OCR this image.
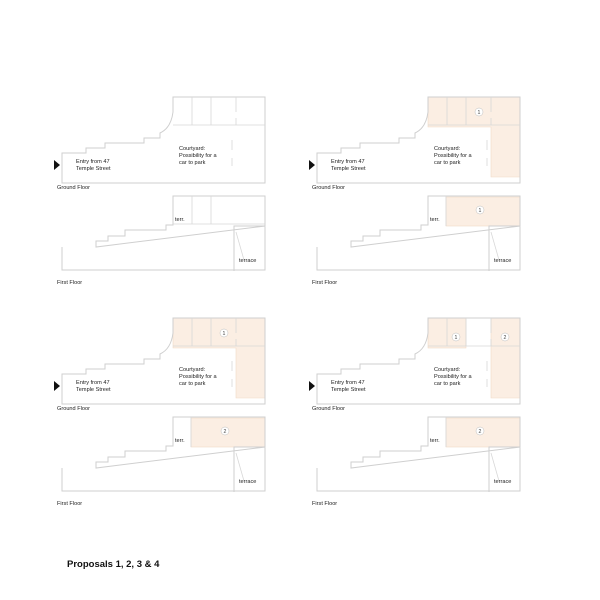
Entry from 47
Temple Street
Courtyard:
Possibility for a
car to park
Ground Floor
terr.
terrace
First Floor
1
Entry from 47
Temple Street
Courtyard:
Possibility for a
car to park
Ground Floor
1
terr.
terrace
First Floor
1
Entry from 47
Temple Street
Courtyard:
Possibility for a
car to park
Ground Floor
2
terr.
terrace
First Floor
1	2
Entry from 47
Temple Street
Courtyard:
Possibility for a
car to park
Ground Floor
2
terr.
terrace
First Floor
Proposals 1, 2, 3 & 4
